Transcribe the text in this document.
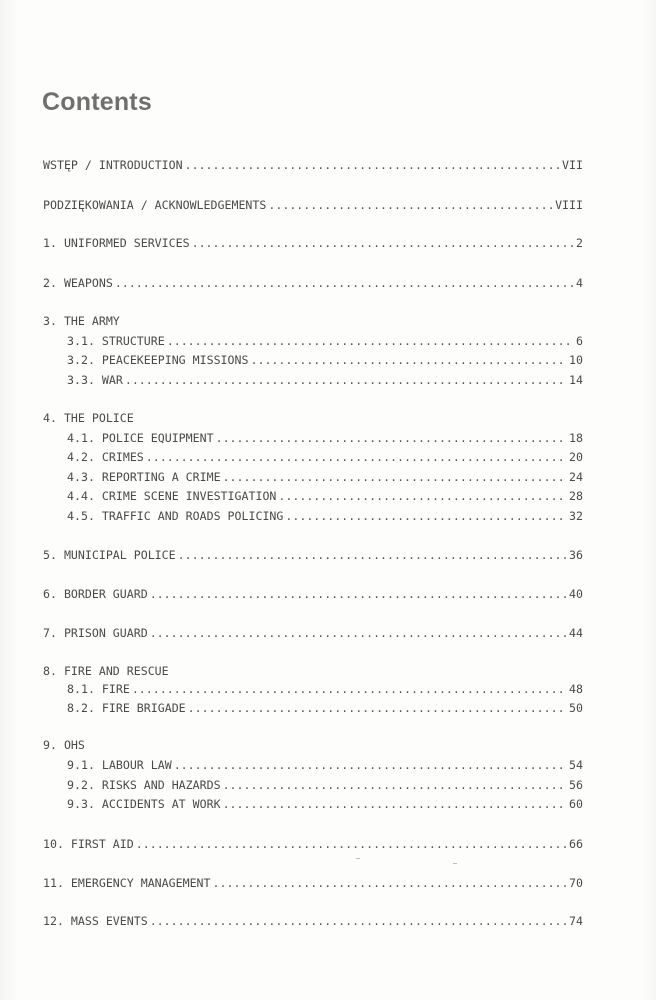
Contents
WSTĘP / INTRODUCTION .....	VII
PODZIĘKOWANIA / ACKNOWLEDGEMENTS .....	VIII
1. UNIFORMED SERVICES .....	2
2. WEAPONS .....	4
3. THE ARMY
3.1. STRUCTURE .....	6
3.2. PEACEKEEPING MISSIONS .....	10
3.3. WAR .....	14
4. THE POLICE
4.1. POLICE EQUIPMENT .....	18
4.2. CRIMES .....	20
4.3. REPORTING A CRIME .....	24
4.4. CRIME SCENE INVESTIGATION .....	28
4.5. TRAFFIC AND ROADS POLICING .....	32
5. MUNICIPAL POLICE .....	36
6. BORDER GUARD .....	40
7. PRISON GUARD .....	44
8. FIRE AND RESCUE
8.1. FIRE .....	48
8.2. FIRE BRIGADE .....	50
9. OHS
9.1. LABOUR LAW .....	54
9.2. RISKS AND HAZARDS .....	56
9.3. ACCIDENTS AT WORK .....	60
10. FIRST AID .....	66
11. EMERGENCY MANAGEMENT .....	70
12. MASS EVENTS .....	74
